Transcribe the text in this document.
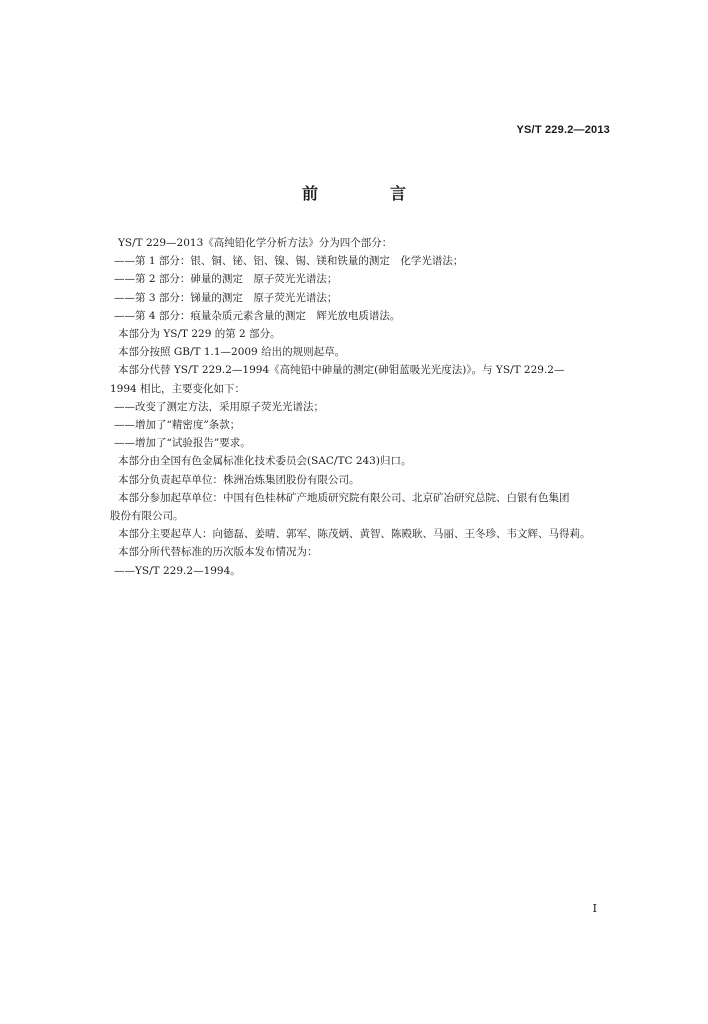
YS/T 229.2—2013
前　言

YS/T 229—2013《高纯铅化学分析方法》分为四个部分：

——第 1 部分：银、铜、铋、铝、镍、锡、镁和铁量的测定　化学光谱法；

——第 2 部分：砷量的测定　原子荧光光谱法；

——第 3 部分：锑量的测定　原子荧光光谱法；

——第 4 部分：痕量杂质元素含量的测定　辉光放电质谱法。

本部分为 YS/T 229 的第 2 部分。

本部分按照 GB/T 1.1—2009 给出的规则起草。

本部分代替 YS/T 229.2—1994《高纯铅中砷量的测定(砷钼蓝吸光光度法)》。与 YS/T 229.2—

1994 相比，主要变化如下：

——改变了测定方法，采用原子荧光光谱法；

——增加了“精密度”条款；

——增加了“试验报告”要求。

本部分由全国有色金属标准化技术委员会(SAC/TC 243)归口。

本部分负责起草单位：株洲冶炼集团股份有限公司。

本部分参加起草单位：中国有色桂林矿产地质研究院有限公司、北京矿冶研究总院、白银有色集团

股份有限公司。

本部分主要起草人：向德磊、姜晴、郭军、陈茂炳、黄智、陈殿耿、马丽、王冬珍、韦文辉、马得莉。

本部分所代替标准的历次版本发布情况为：

——YS/T 229.2—1994。

I
